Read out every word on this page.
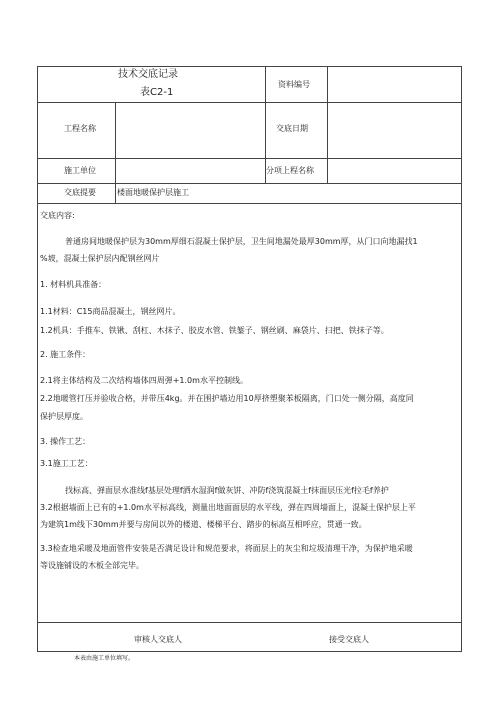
技术交底记录
表C2-1
资料编号
工程名称	交底日期
施工单位	分项上程名称
交底提要	楼面地暖保护层施工
交底内容:
普通房间地暖保护层为30mm厚细石混凝土保护层，卫生间地漏处最厚30mm厚，从门口向地漏找1
%坡，混凝土保护层内配钢丝网片
1. 材料机具准备：
1.1材料：C15商品混凝土，钢丝网片。
1.2机具：手推车、铁锹、刮杠、木抹子、胶皮水管、铁錾子、钢丝刷、麻袋片、扫把、铁抹子等。
2. 施工条件：
2.1将主体结构及二次结构墙体四周弹+1.0m水平控制线。
2.2地暖管打压并验收合格，并带压4kg。并在围护墙边用10厚挤塑聚苯板隔离，门口处一侧分隔，高度同
保护层厚度。
3. 操作工艺：
3.1施工工艺：
找标高、弹面层水准线f基层处理f洒水湿润f做灰饼、冲防f浇筑混凝土f抹面层压光f拉毛f养护
3.2根据墙面上已有的+1.0m水平标高线，测量出地面面层的水平线，弹在四周墙面上，混凝土保护层上平
为建筑1m线下30mm并要与房间以外的楼道、楼梯平台、踏步的标高互相呼应，贯通一致。
3.3检查地采暖及地面管件安装是否满足设计和规范要求，将面层上的灰尘和垃圾清理干净，为保护地采暖
等设施铺设的木板全部完毕。
审核人交底人	接受交底人
本表由施工单位填写。
